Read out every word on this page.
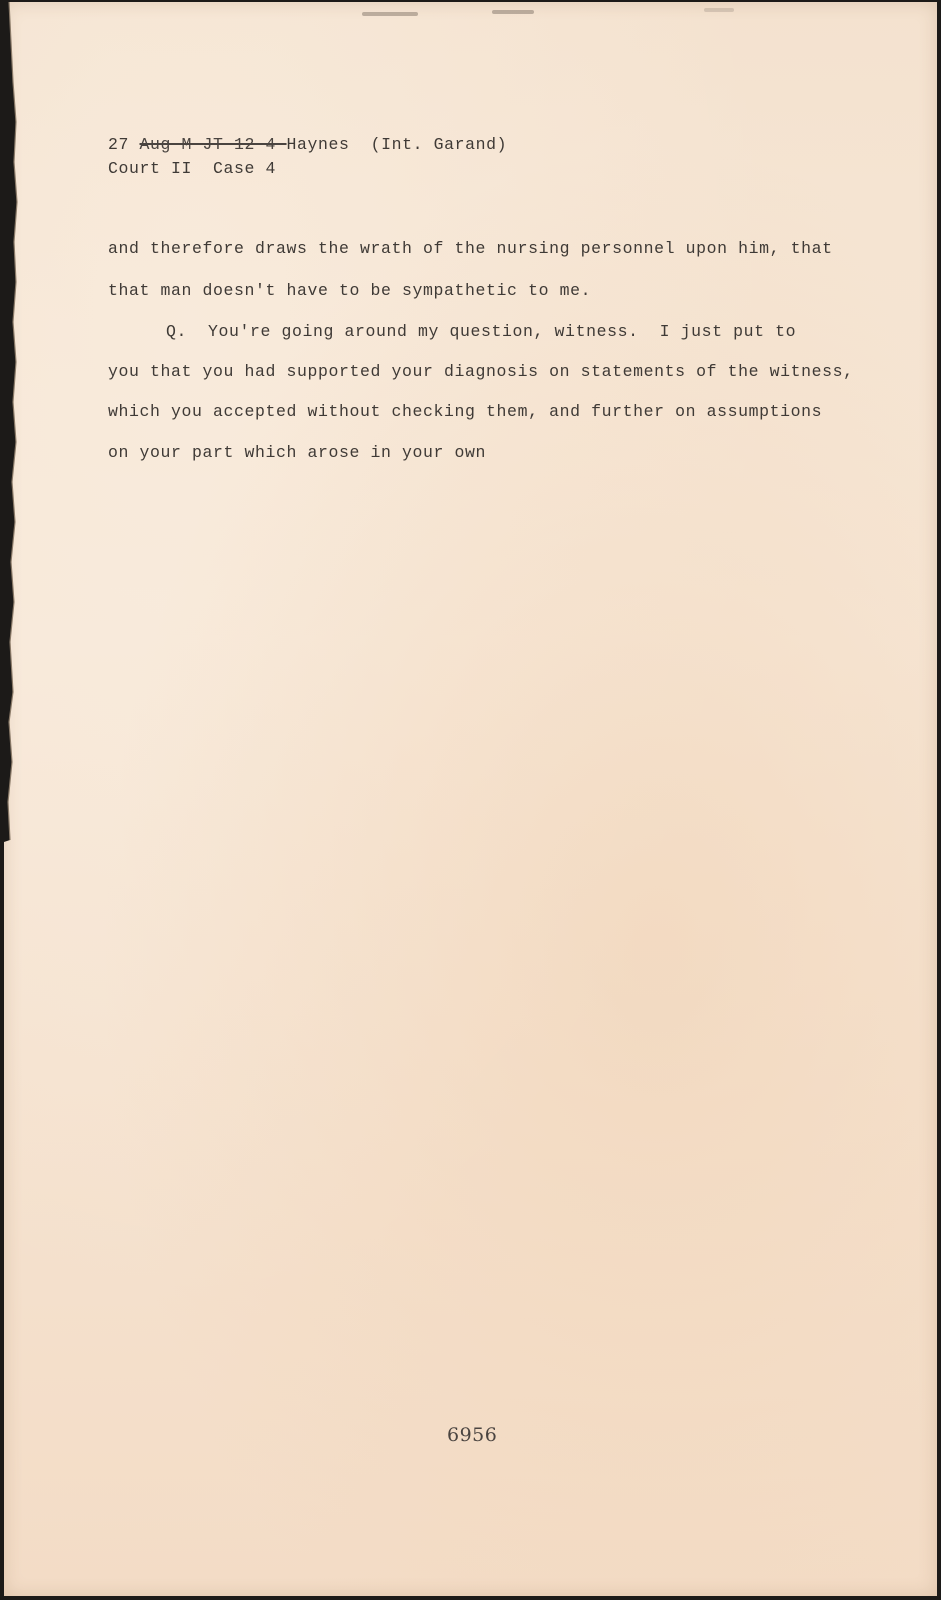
27 Aug-M-JT-12-4-Haynes  (Int. Garand)
Court II  Case 4
and therefore draws the wrath of the nursing personnel upon him, that
that man doesn't have to be sympathetic to me.
Q.  You're going around my question, witness.  I just put to
you that you had supported your diagnosis on statements of the witness,
which you accepted without checking them, and further on assumptions
on your part which arose in your own
6956
